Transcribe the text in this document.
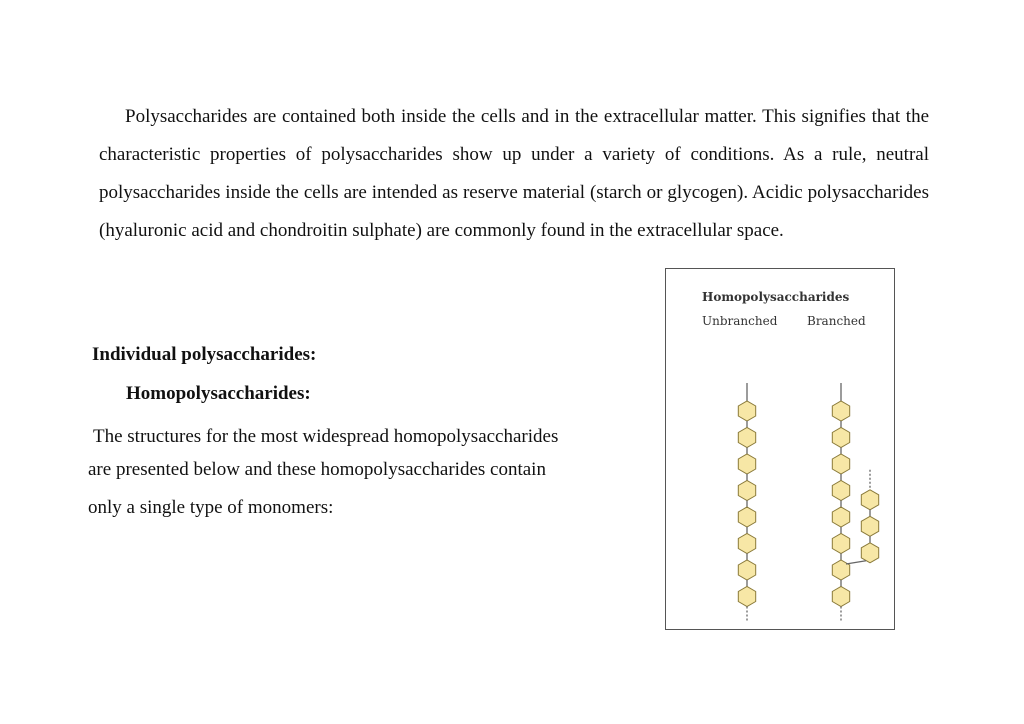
Polysaccharides are contained both inside the cells and in the extracellular matter. This signifies that the characteristic properties of polysaccharides show up under a variety of conditions. As a rule, neutral polysaccharides inside the cells are intended as reserve material (starch or glycogen). Acidic polysaccharides (hyaluronic acid and chondroitin sulphate) are commonly found in the extracellular space.

Individual polysaccharides:

Homopolysaccharides:

The structures for the most widespread homopolysaccharides

are presented below and these homopolysaccharides contain

only a single type of monomers:

Homopolysaccharides
Unbranched Branched
